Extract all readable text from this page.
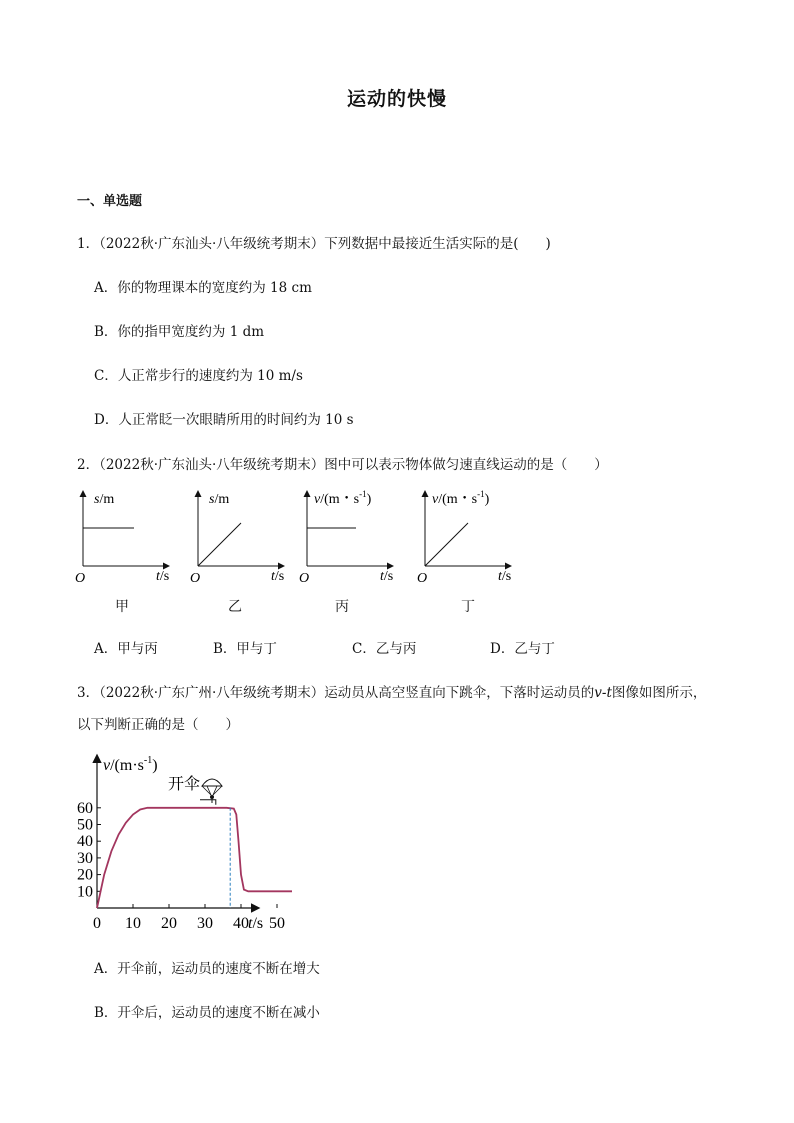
运动的快慢
一、单选题
1．（2022秋·广东汕头·八年级统考期末）下列数据中最接近生活实际的是(　　)
A．你的物理课本的宽度约为 18 cm
B．你的指甲宽度约为 1 dm
C．人正常步行的速度约为 10 m/s
D．人正常眨一次眼睛所用的时间约为 10 s
2．（2022秋·广东汕头·八年级统考期末）图中可以表示物体做匀速直线运动的是（　　）
s/m
O	t/s
s/m
O	t/s
v/(m・$s^{-1}$)
O	t/s
v/(m・$s^{-1}$)
O	t/s
甲	乙	丙	丁
A．甲与丙	B．甲与丁	C．乙与丙	D．乙与丁
3．（2022秋·广东广州·八年级统考期末）运动员从高空竖直向下跳伞，下落时运动员的v-t图像如图所示，
以下判断正确的是（　　）
0 10 20 30 40 50
10
20
30
40
50
60
$v/(m\cdot s^{-1})$
t/s
开伞
A．开伞前，运动员的速度不断在增大
B．开伞后，运动员的速度不断在减小
